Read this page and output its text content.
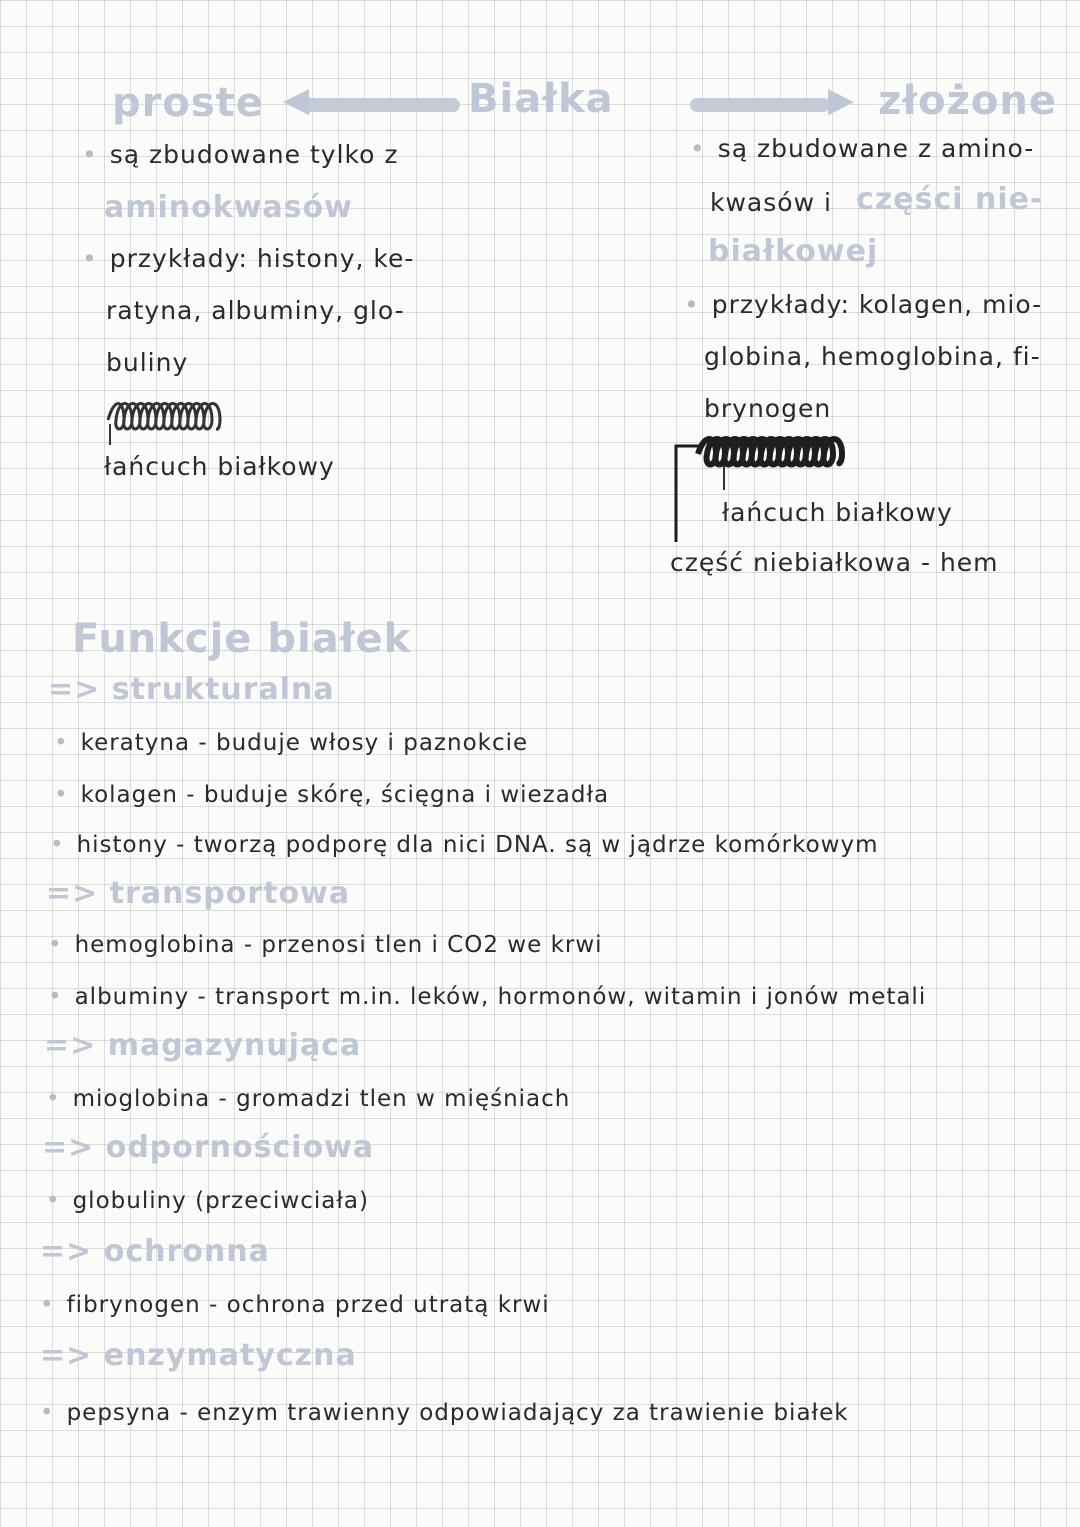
proste ◀	Białka	▶ złożone
• są zbudowane tylko z
aminokwasów
• przykłady: histony, ke-
ratyna, albuminy, glo-
buliny
łańcuch białkowy
• są zbudowane z amino-
kwasów i części nie-
białkowej
• przykłady: kolagen, mio-
globina, hemoglobina, fi-
brynogen
łańcuch białkowy
część niebiałkowa - hem
Funkcje białek
=> strukturalna
• keratyna - buduje włosy i paznokcie
• kolagen - buduje skórę, ścięgna i wiezadła
• histony - tworzą podporę dla nici DNA. są w jądrze komórkowym
=> transportowa
• hemoglobina - przenosi tlen i CO2 we krwi
• albuminy - transport m.in. leków, hormonów, witamin i jonów metali
=> magazynująca
• mioglobina - gromadzi tlen w mięśniach
=> odpornościowa
• globuliny (przeciwciała)
=> ochronna
• fibrynogen - ochrona przed utratą krwi
=> enzymatyczna
• pepsyna - enzym trawienny odpowiadający za trawienie białek
